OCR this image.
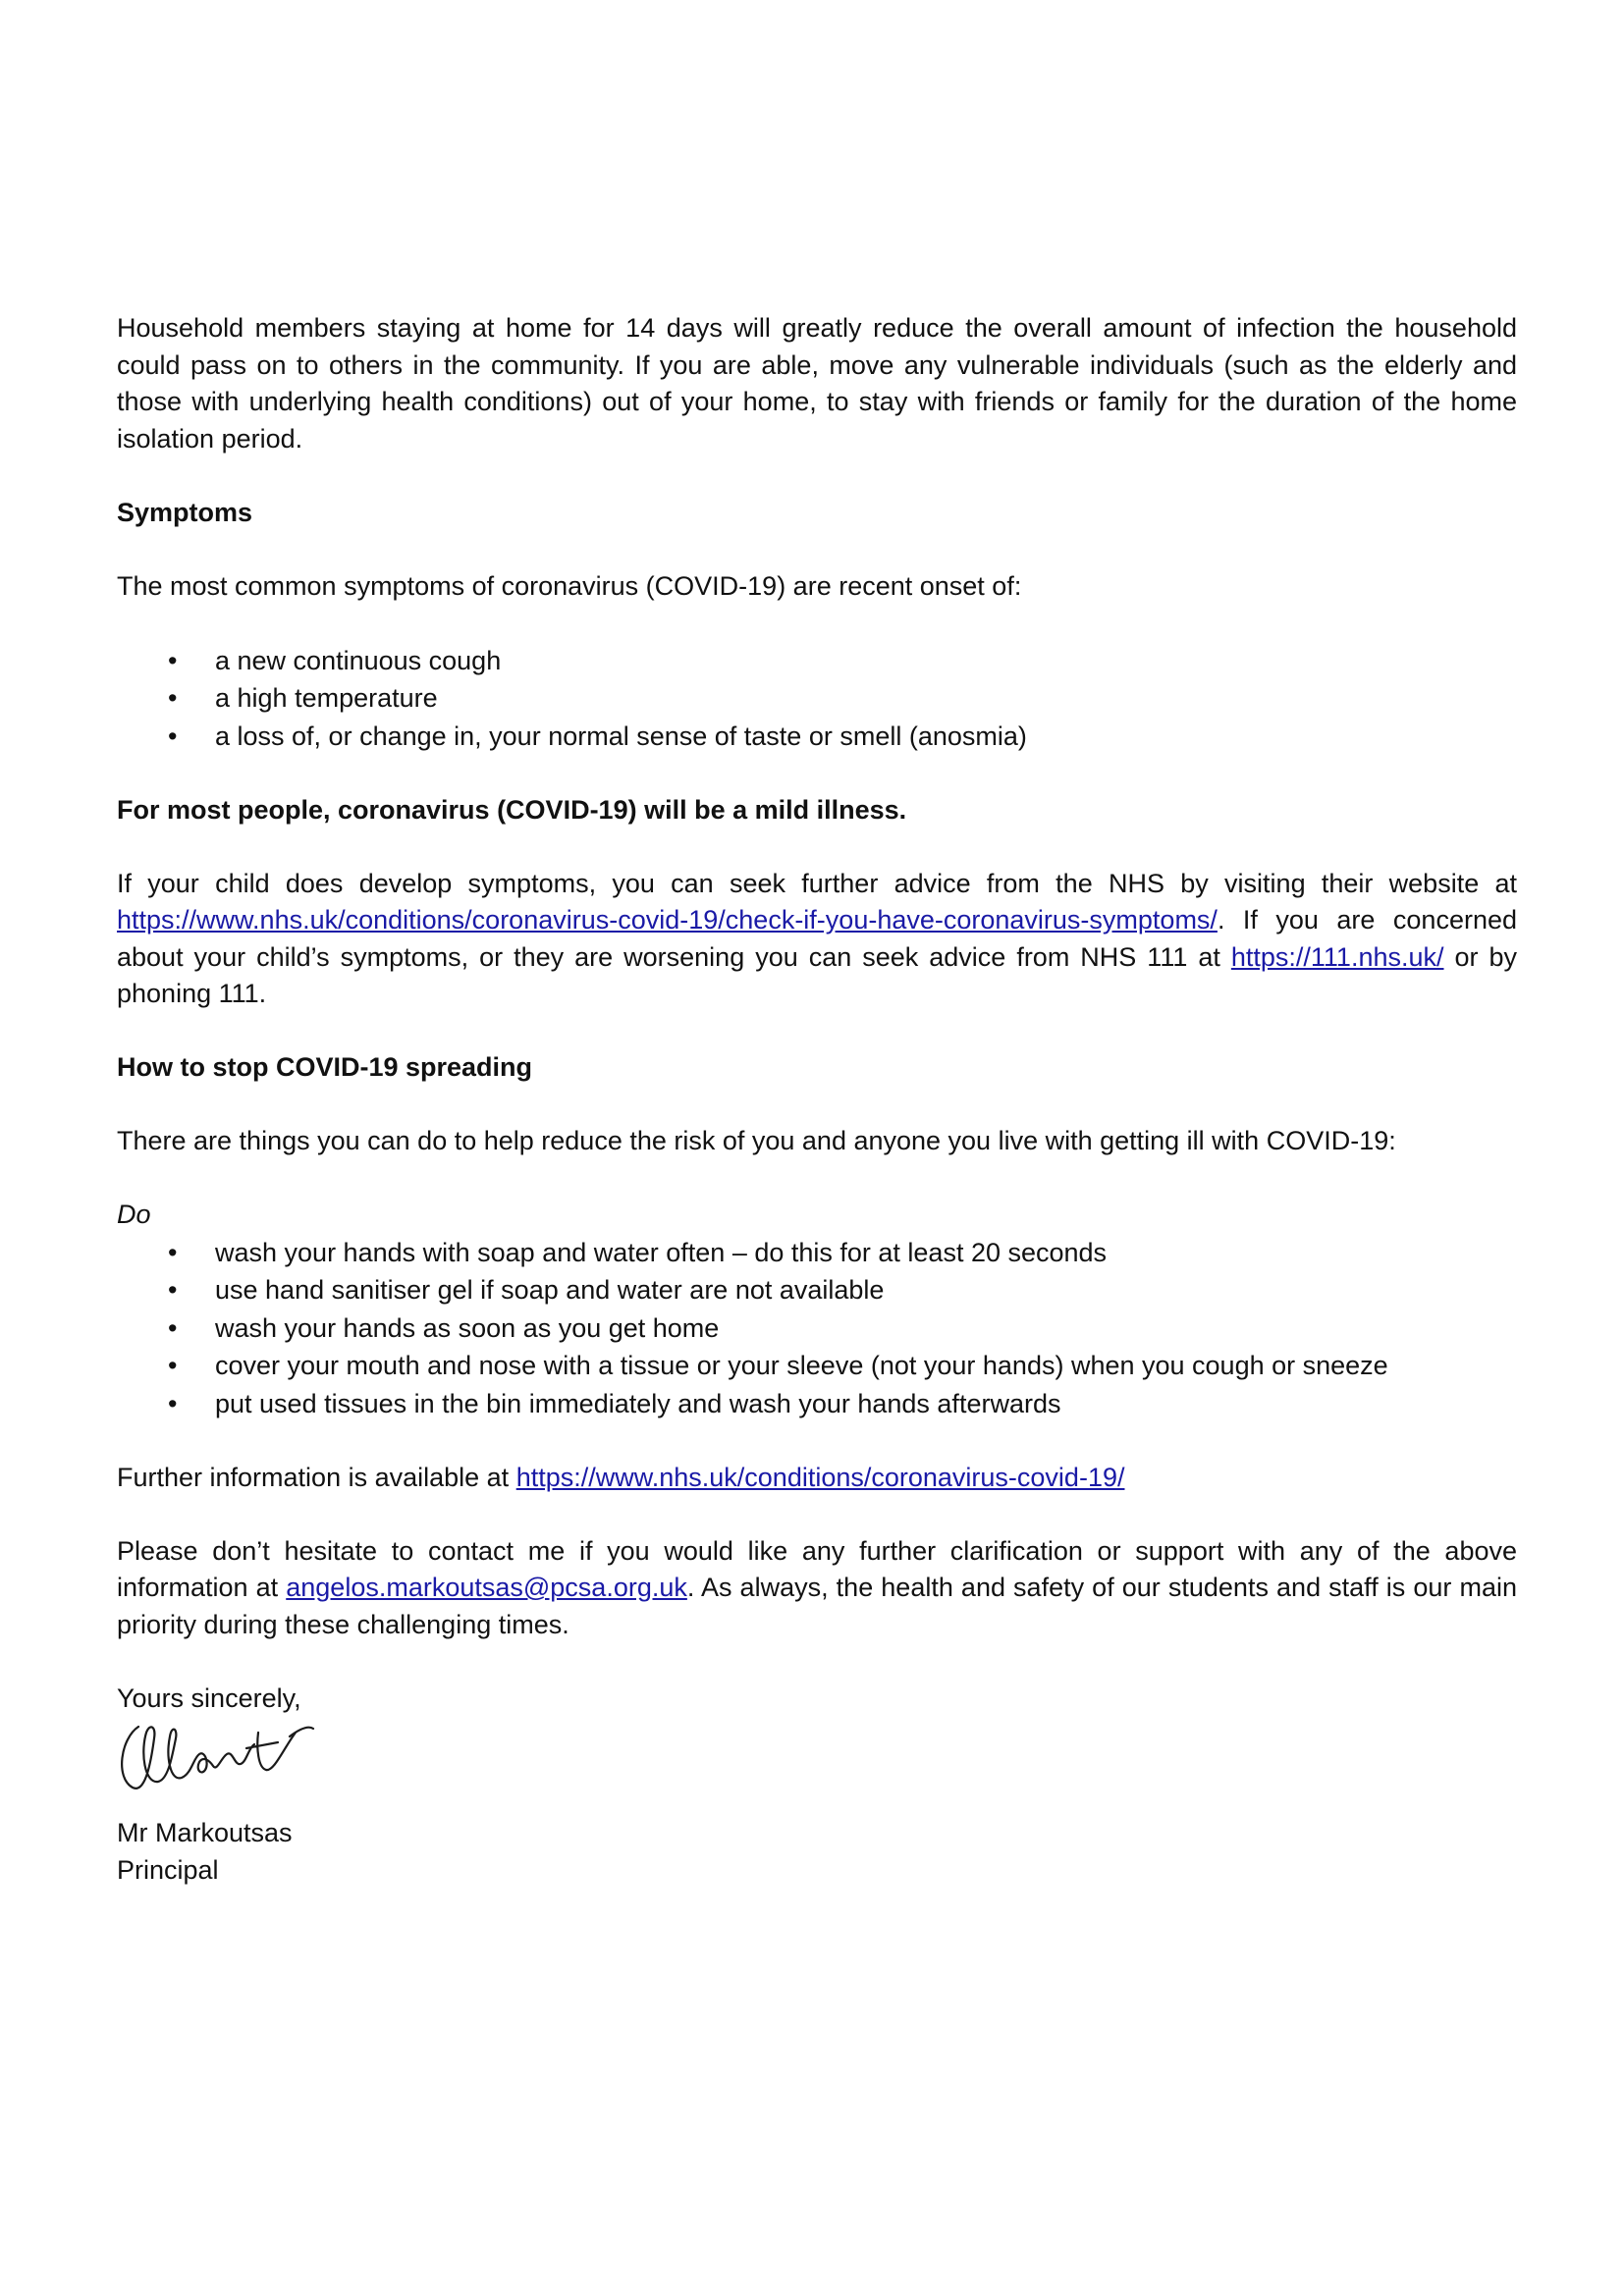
Household members staying at home for 14 days will greatly reduce the overall amount of infection the household could pass on to others in the community. If you are able, move any vulnerable individuals (such as the elderly and those with underlying health conditions) out of your home, to stay with friends or family for the duration of the home isolation period.

Symptoms

The most common symptoms of coronavirus (COVID-19) are recent onset of:

• a new continuous cough
• a high temperature
• a loss of, or change in, your normal sense of taste or smell (anosmia)
For most people, coronavirus (COVID-19) will be a mild illness.

If your child does develop symptoms, you can seek further advice from the NHS by visiting their website at https://www.nhs.uk/conditions/coronavirus-covid-19/check-if-you-have-coronavirus-symptoms/. If you are concerned about your child’s symptoms, or they are worsening you can seek advice from NHS 111 at https://111.nhs.uk/ or by phoning 111.

How to stop COVID-19 spreading

There are things you can do to help reduce the risk of you and anyone you live with getting ill with COVID-19:

Do
• wash your hands with soap and water often – do this for at least 20 seconds
• use hand sanitiser gel if soap and water are not available
• wash your hands as soon as you get home
• cover your mouth and nose with a tissue or your sleeve (not your hands) when you cough or sneeze
• put used tissues in the bin immediately and wash your hands afterwards

Further information is available at https://www.nhs.uk/conditions/coronavirus-covid-19/

Please don’t hesitate to contact me if you would like any further clarification or support with any of the above information at angelos.markoutsas@pcsa.org.uk. As always, the health and safety of our students and staff is our main priority during these challenging times.

Yours sincerely,

Mr Markoutsas

Principal
